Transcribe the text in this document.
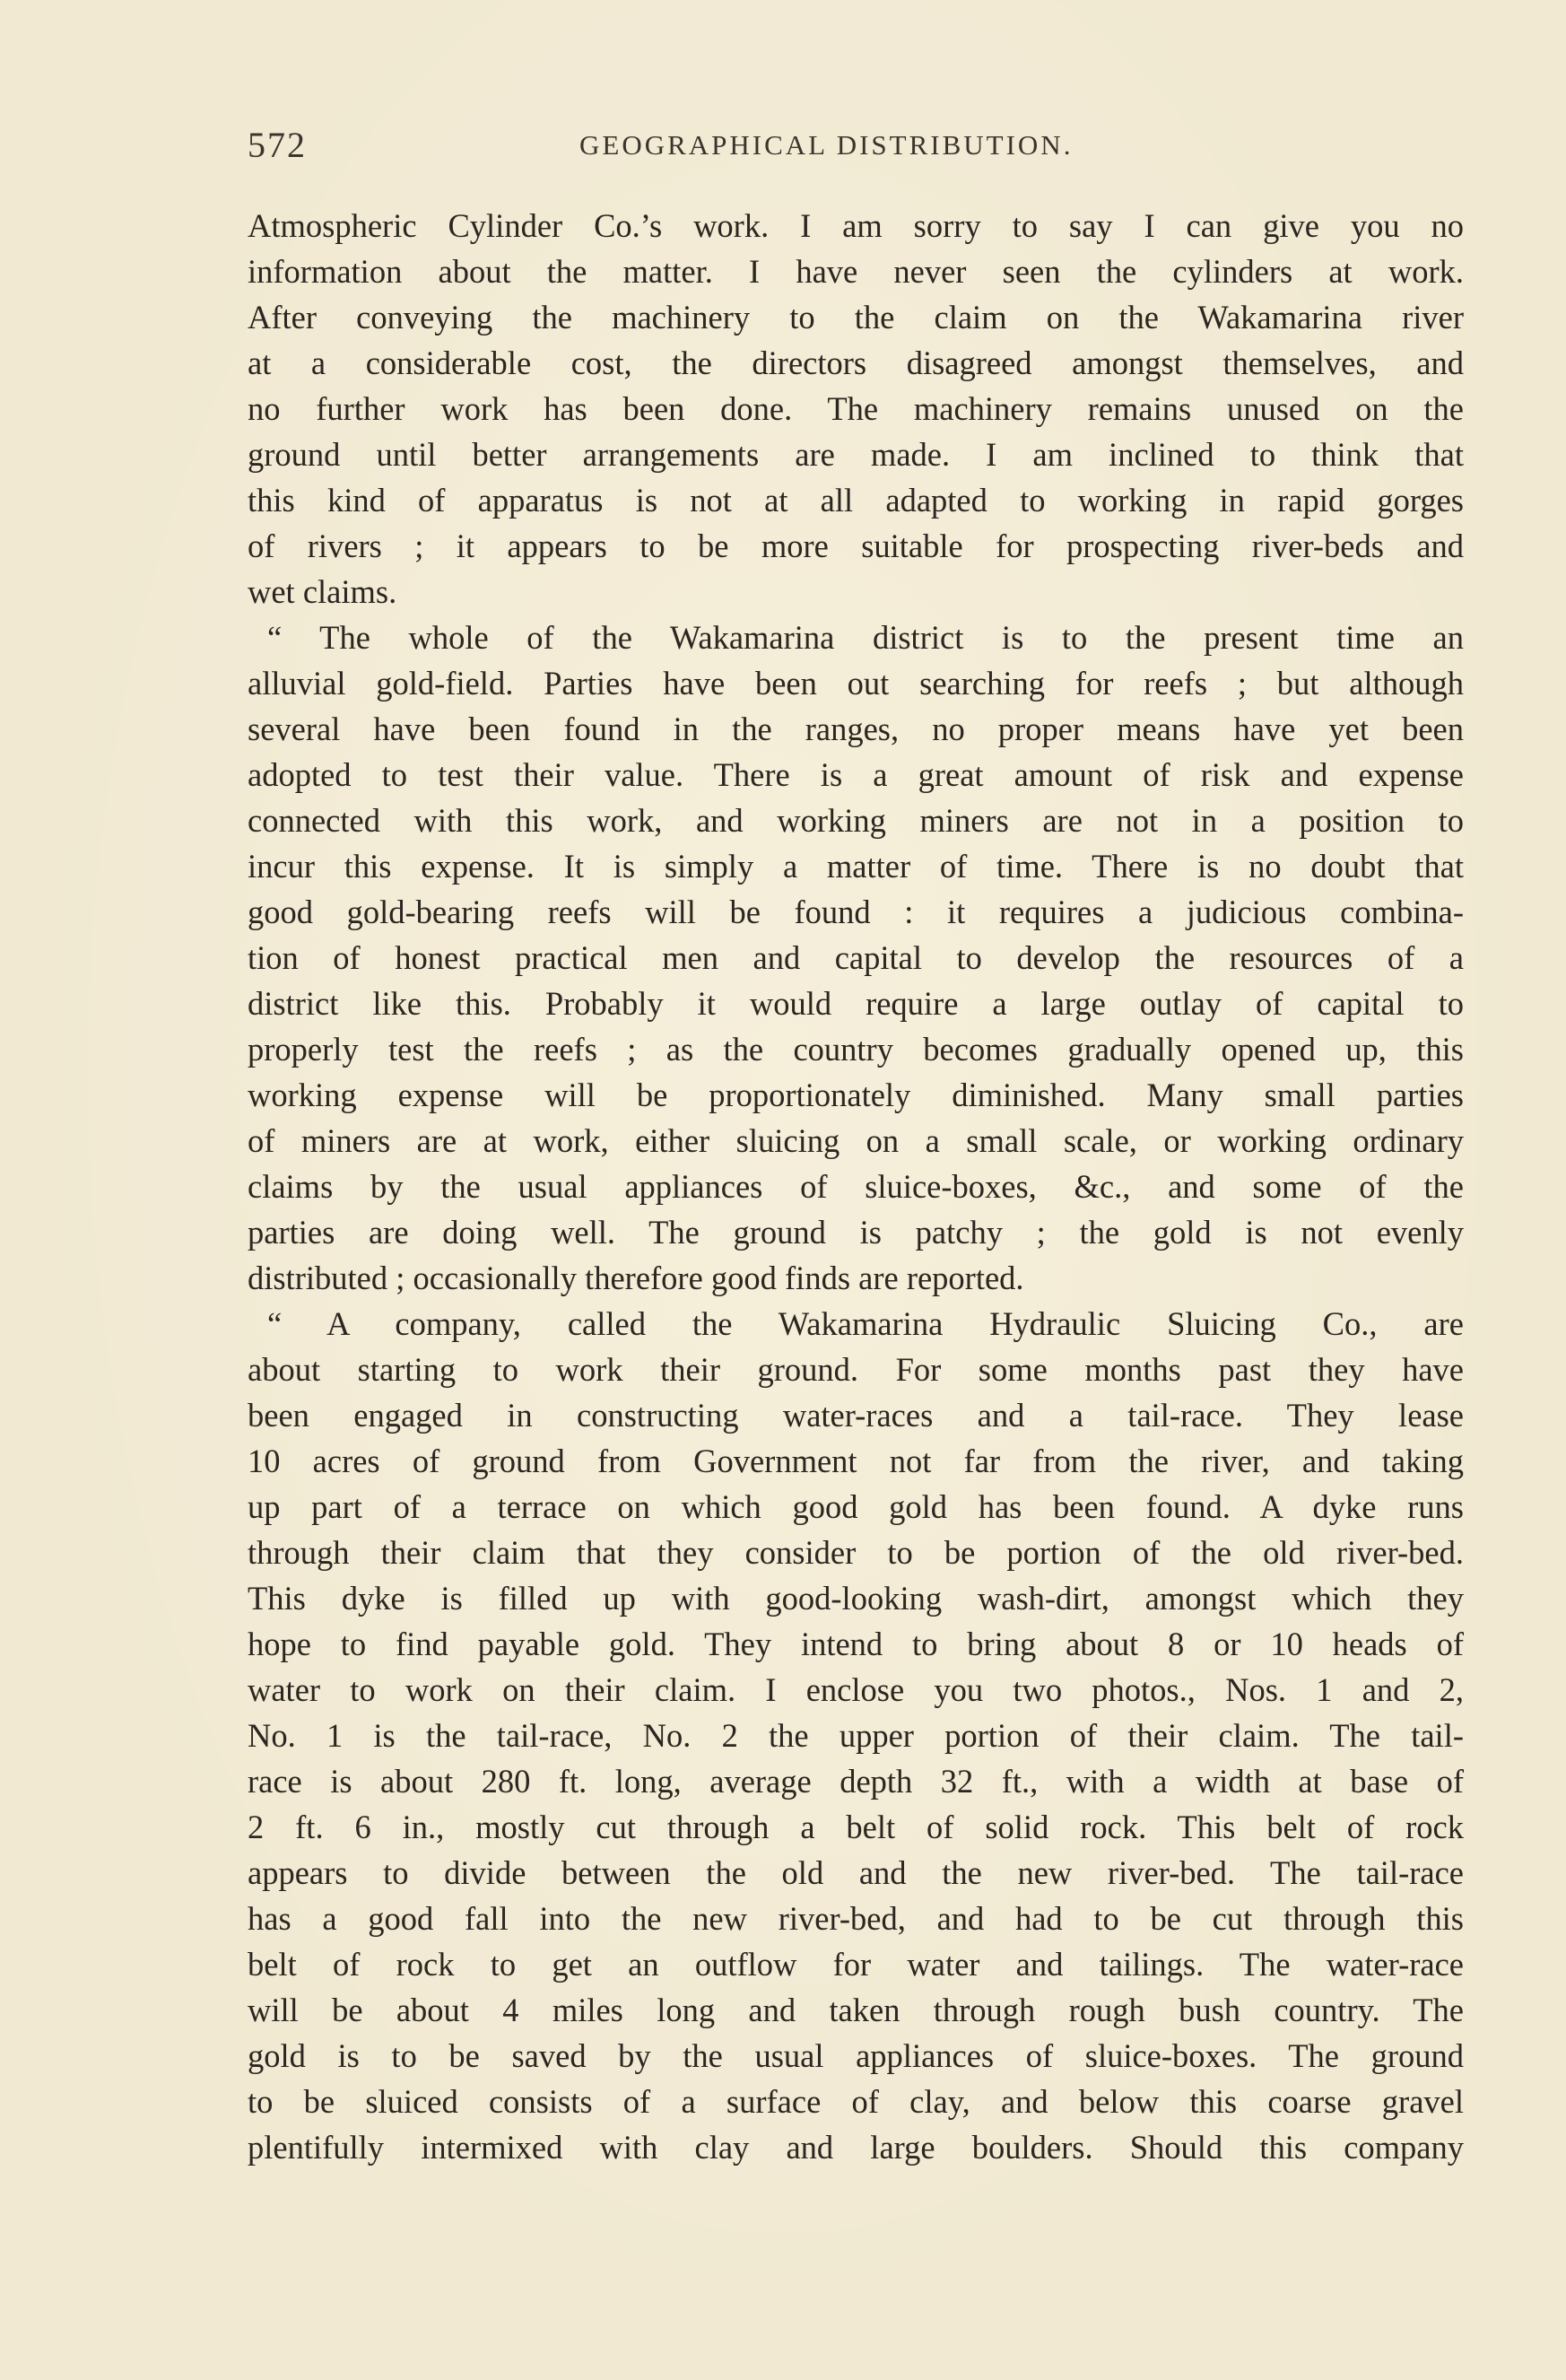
572	GEOGRAPHICAL DISTRIBUTION.
Atmospheric Cylinder Co.’s work. I am sorry to say I can give you no
information about the matter. I have never seen the cylinders at work.
After conveying the machinery to the claim on the Wakamarina river
at a considerable cost, the directors disagreed amongst themselves, and
no further work has been done. The machinery remains unused on the
ground until better arrangements are made. I am inclined to think that
this kind of apparatus is not at all adapted to working in rapid gorges
of rivers ; it appears to be more suitable for prospecting river-beds and
wet claims.
“ The whole of the Wakamarina district is to the present time an
alluvial gold-field. Parties have been out searching for reefs ; but although
several have been found in the ranges, no proper means have yet been
adopted to test their value. There is a great amount of risk and expense
connected with this work, and working miners are not in a position to
incur this expense. It is simply a matter of time. There is no doubt that
good gold-bearing reefs will be found : it requires a judicious combina-
tion of honest practical men and capital to develop the resources of a
district like this. Probably it would require a large outlay of capital to
properly test the reefs ; as the country becomes gradually opened up, this
working expense will be proportionately diminished. Many small parties
of miners are at work, either sluicing on a small scale, or working ordinary
claims by the usual appliances of sluice-boxes, &c., and some of the
parties are doing well. The ground is patchy ; the gold is not evenly
distributed ; occasionally therefore good finds are reported.
“ A company, called the Wakamarina Hydraulic Sluicing Co., are
about starting to work their ground. For some months past they have
been engaged in constructing water-races and a tail-race. They lease
10 acres of ground from Government not far from the river, and taking
up part of a terrace on which good gold has been found. A dyke runs
through their claim that they consider to be portion of the old river-bed.
This dyke is filled up with good-looking wash-dirt, amongst which they
hope to find payable gold. They intend to bring about 8 or 10 heads of
water to work on their claim. I enclose you two photos., Nos. 1 and 2,
No. 1 is the tail-race, No. 2 the upper portion of their claim. The tail-
race is about 280 ft. long, average depth 32 ft., with a width at base of
2 ft. 6 in., mostly cut through a belt of solid rock. This belt of rock
appears to divide between the old and the new river-bed. The tail-race
has a good fall into the new river-bed, and had to be cut through this
belt of rock to get an outflow for water and tailings. The water-race
will be about 4 miles long and taken through rough bush country. The
gold is to be saved by the usual appliances of sluice-boxes. The ground
to be sluiced consists of a surface of clay, and below this coarse gravel
plentifully intermixed with clay and large boulders. Should this company
